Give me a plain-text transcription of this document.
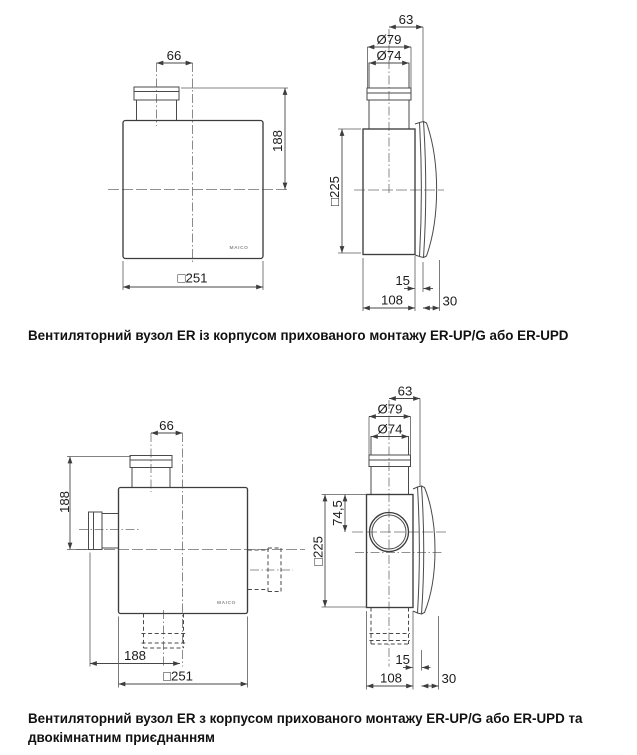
MAICO
66
188
□251
63
Ø79
Ø74
□225
15
108	30
MAICO
66
188
188
□251
63
Ø79
Ø74
74,5
□225
15
108	30

Вентиляторний вузол ER із корпусом прихованого монтажу ER-UP/G або ER-UPD

Вентиляторний вузол ER з корпусом прихованого монтажу ER-UP/G або ER-UPD та
двокімнатним приєднанням
